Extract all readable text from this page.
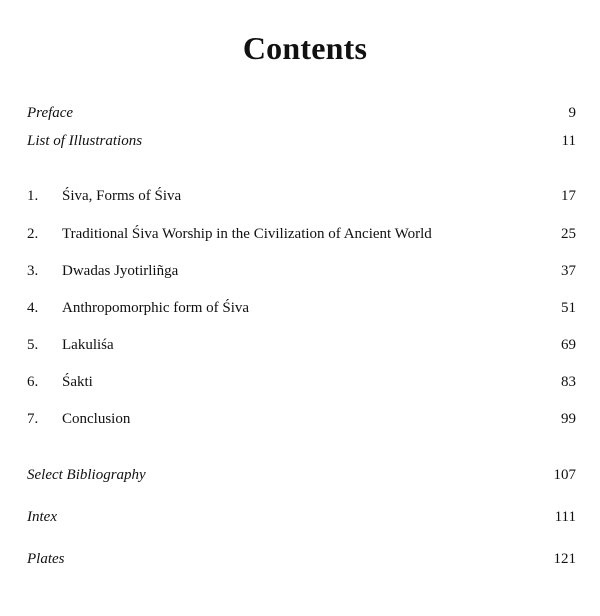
Contents
Preface	9
List of Illustrations	11
1.	Śiva, Forms of Śiva	17
2.	Traditional Śiva Worship in the Civilization of Ancient World	25
3.	Dwadas Jyotirliñga	37
4.	Anthropomorphic form of Śiva	51
5.	Lakuliśa	69
6.	Śakti	83
7.	Conclusion	99
Select Bibliography	107
Intex	111
Plates	121
